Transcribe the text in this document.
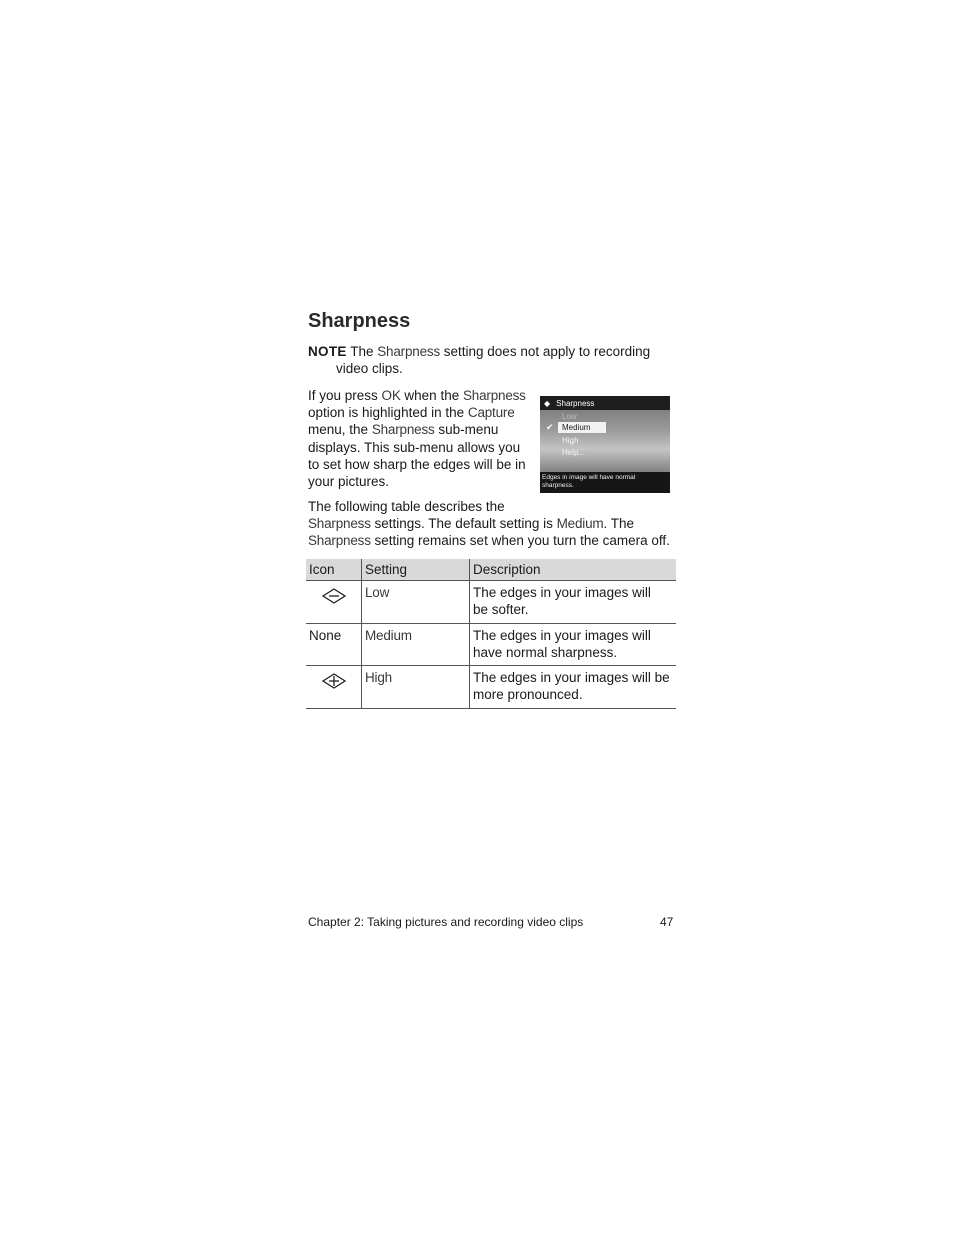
Sharpness
NOTE The Sharpness setting does not apply to recording
video clips.
If you press OK when the Sharpness option is highlighted in the Capture menu, the Sharpness sub-menu displays. This sub-menu allows you to set how sharp the edges will be in your pictures.
◆ Sharpness
Low
✔	Medium
High
Help...
Edges in image will have normal sharpness.
The following table describes the
Sharpness settings. The default setting is Medium. The Sharpness setting remains set when you turn the camera off.
Icon	Setting	Description
	Low	The edges in your images will
be softer.
None	Medium	The edges in your images will
have normal sharpness.
	High	The edges in your images will be
more pronounced.
Chapter 2: Taking pictures and recording video clips	47
